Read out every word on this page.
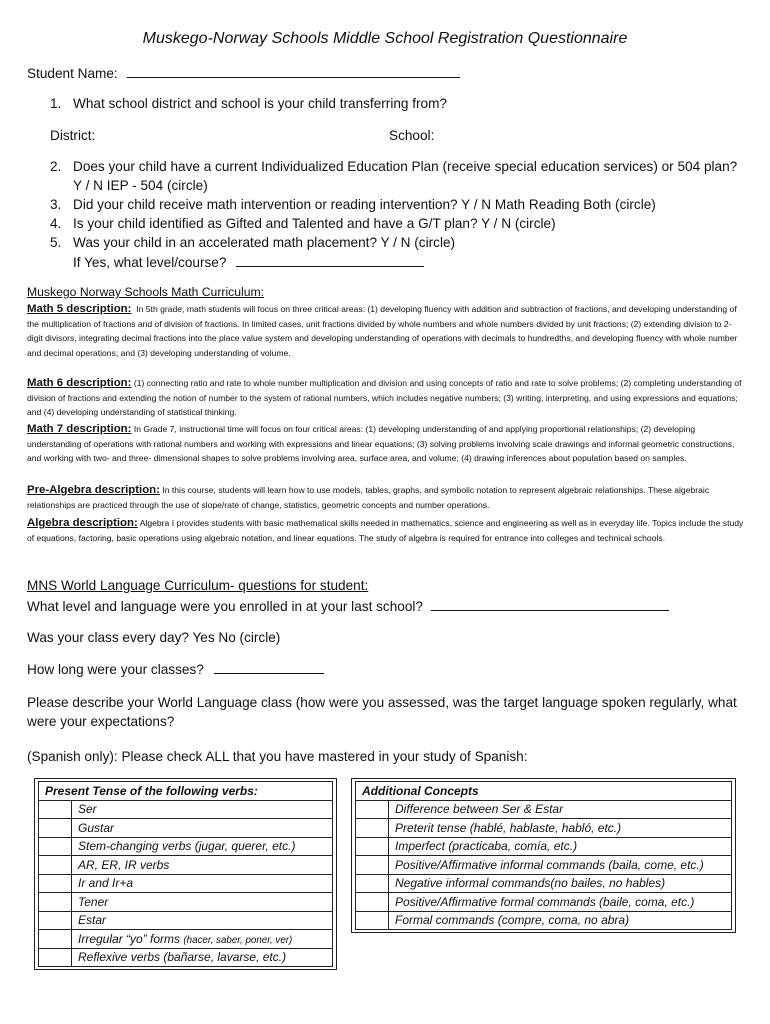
Muskego-Norway Schools Middle School Registration Questionnaire
Student Name:
1. What school district and school is your child transferring from?
District:	School:
2. Does your child have a current Individualized Education Plan (receive special education services) or 504 plan?
Y / N IEP - 504 (circle)
3. Did your child receive math intervention or reading intervention? Y / N Math Reading Both (circle)
4. Is your child identified as Gifted and Talented and have a G/T plan? Y / N (circle)
5. Was your child in an accelerated math placement? Y / N (circle)
If Yes, what level/course?
Muskego Norway Schools Math Curriculum:
Math 5 description: In 5th grade, math students will focus on three critical areas: (1) developing fluency with addition and subtraction of fractions, and developing understanding of the multiplication of fractions and of division of fractions. In limited cases, unit fractions divided by whole numbers and whole numbers divided by unit fractions; (2) extending division to 2-digit divisors, integrating decimal fractions into the place value system and developing understanding of operations with decimals to hundredths, and developing fluency with whole number and decimal operations; and (3) developing understanding of volume.
Math 6 description: (1) connecting ratio and rate to whole number multiplication and division and using concepts of ratio and rate to solve problems; (2) completing understanding of division of fractions and extending the notion of number to the system of rational numbers, which includes negative numbers; (3) writing, interpreting, and using expressions and equations; and (4) developing understanding of statistical thinking.
Math 7 description: In Grade 7, instructional time will focus on four critical areas: (1) developing understanding of and applying proportional relationships; (2) developing understanding of operations with rational numbers and working with expressions and linear equations; (3) solving problems involving scale drawings and informal geometric constructions, and working with two- and three- dimensional shapes to solve problems involving area, surface area, and volume; (4) drawing inferences about population based on samples.
Pre-Algebra description: In this course, students will learn how to use models, tables, graphs, and symbolic notation to represent algebraic relationships. These algebraic relationships are practiced through the use of slope/rate of change, statistics, geometric concepts and number operations.
Algebra description: Algebra I provides students with basic mathematical skills needed in mathematics, science and engineering as well as in everyday life. Topics include the study of equations, factoring, basic operations using algebraic notation, and linear equations. The study of algebra is required for entrance into colleges and technical schools.
MNS World Language Curriculum- questions for student:
What level and language were you enrolled in at your last school?
Was your class every day? Yes No (circle)
How long were your classes?
Please describe your World Language class (how were you assessed, was the target language spoken regularly, what were your expectations?
(Spanish only): Please check ALL that you have mastered in your study of Spanish:
Present Tense of the following verbs:	
	Ser
	Gustar
	Stem-changing verbs (jugar, querer, etc.)
	AR, ER, IR verbs
	Ir and Ir+a
	Tener
	Estar
	Irregular “yo” forms (hacer, saber, poner, ver)
	Reflexive verbs (bañarse, lavarse, etc.)
Additional Concepts	
	Difference between Ser & Estar
	Preterit tense (hablé, hablaste, habló, etc.)
	Imperfect (practicaba, comía, etc.)
	Positive/Affirmative informal commands (baila, come, etc.)
	Negative informal commands(no bailes, no hables)
	Positive/Affirmative formal commands (baile, coma, etc.)
	Formal commands (compre, coma, no abra)
